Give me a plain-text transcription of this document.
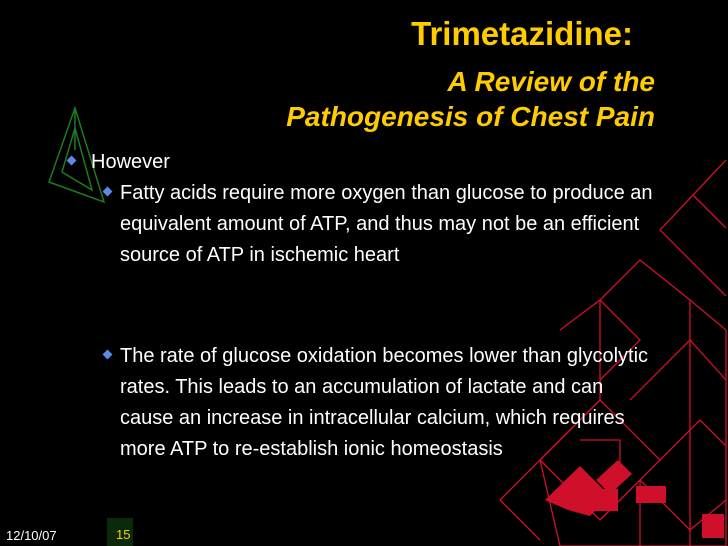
Trimetazidine:
A Review of the
Pathogenesis of Chest Pain
However
Fatty acids require more oxygen than glucose to produce an equivalent amount of ATP, and thus may not be an efficient source of ATP in ischemic heart
The rate of glucose oxidation becomes lower than glycolytic rates. This leads to an accumulation of lactate and can cause an increase in intracellular calcium, which requires more ATP to re-establish ionic homeostasis
12/10/07	15
